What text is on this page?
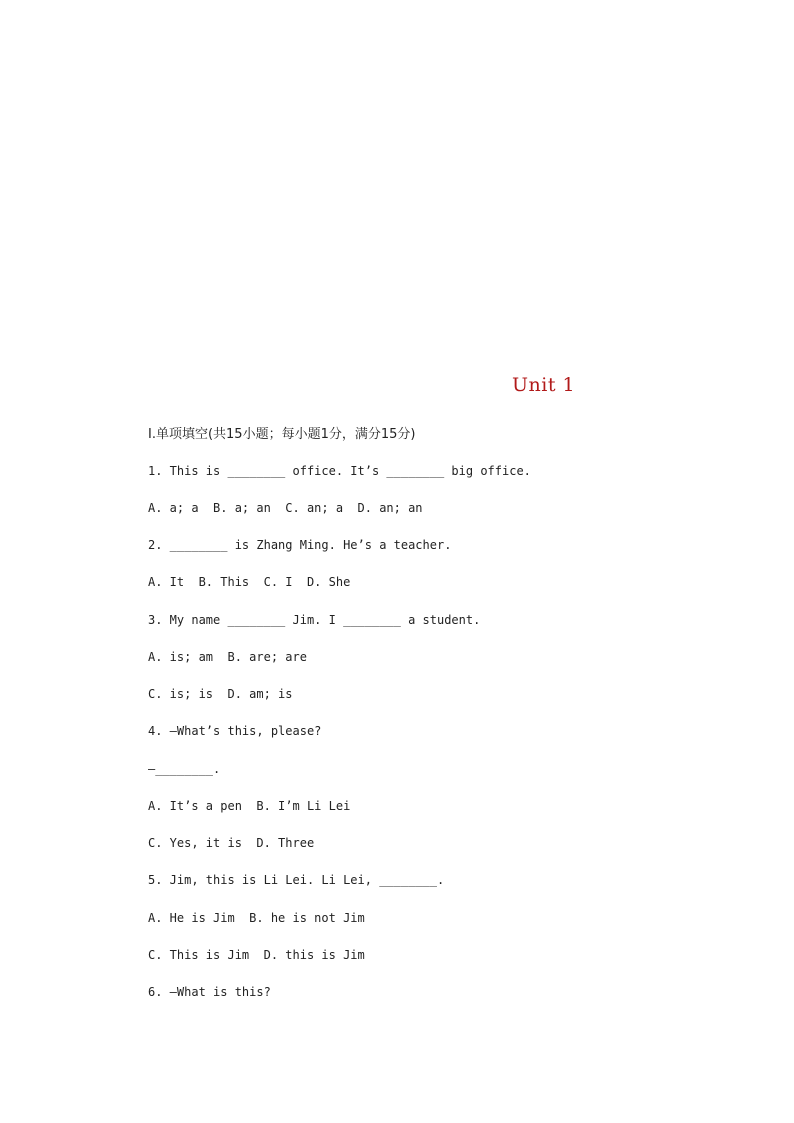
Unit 1
Ⅰ.单项填空(共15小题；每小题1分，满分15分)
1. This is ________ office. It’s ________ big office.
A. a; a  B. a; an  C. an; a  D. an; an
2. ________ is Zhang Ming. He’s a teacher.
A. It  B. This  C. I  D. She
3. My name ________ Jim. I ________ a student.
A. is; am  B. are; are
C. is; is  D. am; is
4. —What’s this, please?
—________.
A. It’s a pen  B. I’m Li Lei
C. Yes, it is  D. Three
5. Jim, this is Li Lei. Li Lei, ________.
A. He is Jim  B. he is not Jim
C. This is Jim  D. this is Jim
6. —What is this?
